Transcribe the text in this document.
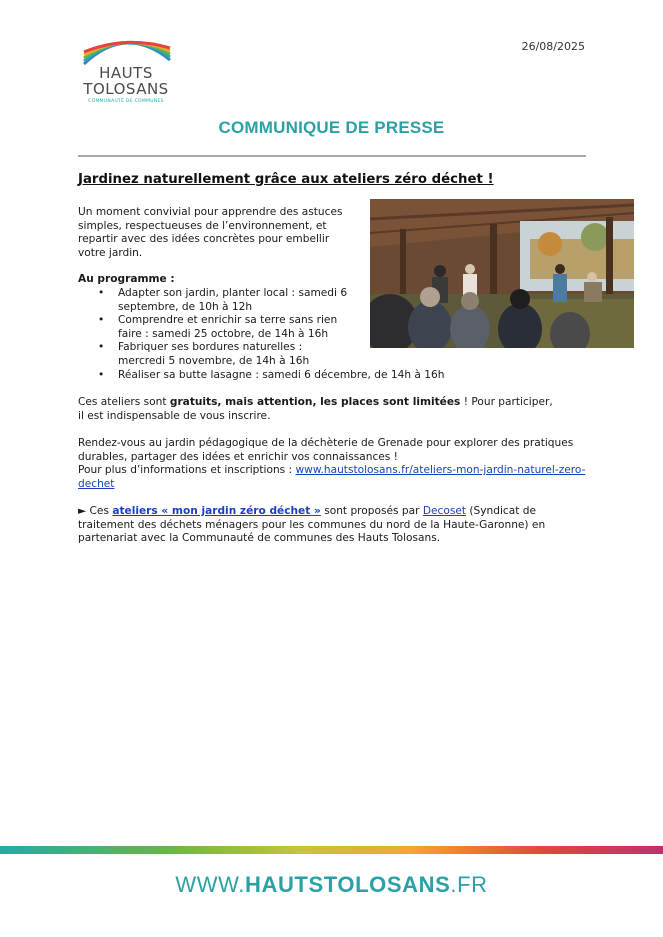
HAUTS
TOLOSANS
COMMUNAUTÉ DE COMMUNES
26/08/2025
COMMUNIQUE DE PRESSE
Jardinez naturellement grâce aux ateliers zéro déchet !
Un moment convivial pour apprendre des astuces simples, respectueuses de l’environnement, et repartir avec des idées concrètes pour embellir votre jardin.
Au programme :
• Adapter son jardin, planter local : samedi 6 septembre, de 10h à 12h
• Comprendre et enrichir sa terre sans rien faire : samedi 25 octobre, de 14h à 16h
• Fabriquer ses bordures naturelles : mercredi 5 novembre, de 14h à 16h
• Réaliser sa butte lasagne : samedi 6 décembre, de 14h à 16h
Ces ateliers sont gratuits, mais attention, les places sont limitées ! Pour participer, il est indispensable de vous inscrire.
Rendez-vous au jardin pédagogique de la déchèterie de Grenade pour explorer des pratiques durables, partager des idées et enrichir vos connaissances !
Pour plus d’informations et inscriptions : www.hautstolosans.fr/ateliers-mon-jardin-naturel-zero-dechet
► Ces ateliers « mon jardin zéro déchet » sont proposés par Decoset (Syndicat de traitement des déchets ménagers pour les communes du nord de la Haute-Garonne) en partenariat avec la Communauté de communes des Hauts Tolosans.
WWW.HAUTSTOLOSANS.FR
